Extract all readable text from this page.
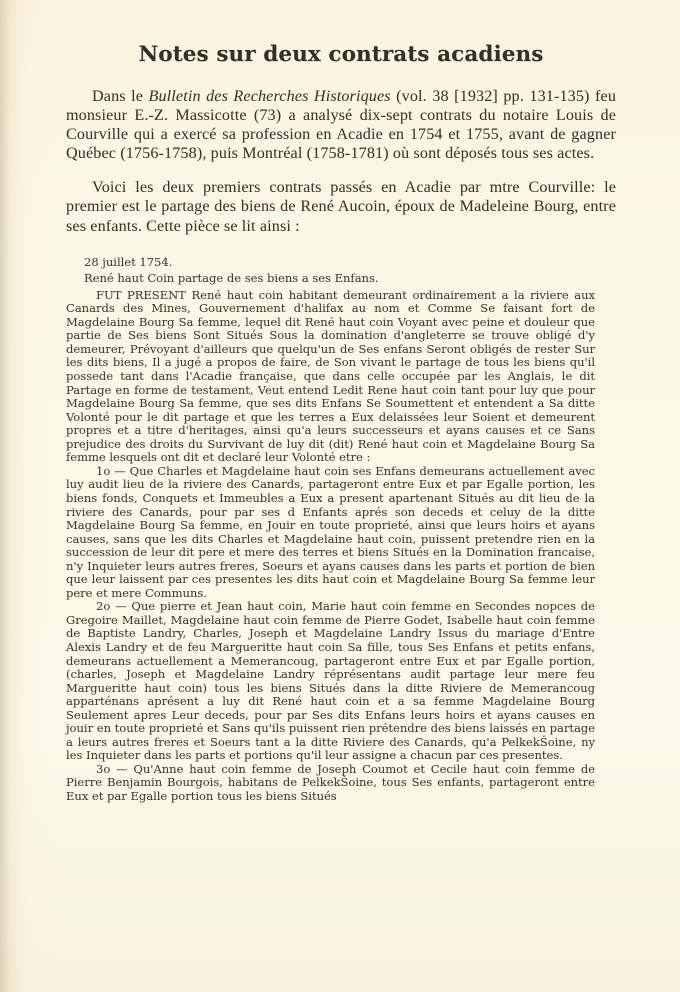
Notes sur deux contrats acadiens

Dans le Bulletin des Recherches Historiques (vol. 38 [1932] pp. 131-135) feu monsieur E.-Z. Massicotte (73) a analysé dix-sept contrats du notaire Louis de Courville qui a exercé sa profession en Acadie en 1754 et 1755, avant de gagner Québec (1756-1758), puis Montréal (1758-1781) où sont déposés tous ses actes.

Voici les deux premiers contrats passés en Acadie par mtre Courville: le premier est le partage des biens de René Aucoin, époux de Madeleine Bourg, entre ses enfants. Cette pièce se lit ainsi :

28 juillet 1754.

René haut Coin partage de ses biens a ses Enfans.

FUT PRESENT René haut coin habitant demeurant ordinairement a la riviere aux Canards des Mines, Gouvernement d'halifax au nom et Comme Se faisant fort de Magdelaine Bourg Sa femme, lequel dit René haut coin Voyant avec peine et douleur que partie de Ses biens Sont Situés Sous la domination d'angleterre se trouve obligé d'y demeurer, Prévoyant d'ailleurs que quelqu'un de Ses enfans Seront obligés de rester Sur les dits biens, Il a jugé a propos de faire, de Son vivant le partage de tous les biens qu'il possede tant dans l'Acadie française, que dans celle occupée par les Anglais, le dit Partage en forme de testament, Veut entend Ledit Rene haut coin tant pour luy que pour Magdelaine Bourg Sa femme, que ses dits Enfans Se Soumettent et entendent a Sa ditte Volonté pour le dit partage et que les terres a Eux delaissées leur Soient et demeurent propres et a titre d'heritages, ainsi qu'a leurs successeurs et ayans causes et ce Sans prejudice des droits du Survivant de luy dit (dit) René haut coin et Magdelaine Bourg Sa femme lesquels ont dit et declaré leur Volonté etre :

1o — Que Charles et Magdelaine haut coin ses Enfans demeurans actuellement avec luy audit lieu de la riviere des Canards, partageront entre Eux et par Egalle portion, les biens fonds, Conquets et Immeubles a Eux a present apartenant Situés au dit lieu de la riviere des Canards, pour par ses d Enfants aprés son deceds et celuy de la ditte Magdelaine Bourg Sa femme, en Jouir en toute proprieté, ainsi que leurs hoirs et ayans causes, sans que les dits Charles et Magdelaine haut coin, puissent pretendre rien en la succession de leur dit pere et mere des terres et biens Situés en la Domination francaise, n'y Inquieter leurs autres freres, Soeurs et ayans causes dans les parts et portion de bien que leur laissent par ces presentes les dits haut coin et Magdelaine Bourg Sa femme leur pere et mere Communs.

2o — Que pierre et Jean haut coin, Marie haut coin femme en Secondes nopces de Gregoire Maillet, Magdelaine haut coin femme de Pierre Godet, Isabelle haut coin femme de Baptiste Landry, Charles, Joseph et Magdelaine Landry Issus du mariage d'Entre Alexis Landry et de feu Margueritte haut coin Sa fille, tous Ses Enfans et petits enfans, demeurans actuellement a Memerancoug, partageront entre Eux et par Egalle portion, (charles, Joseph et Magdelaine Landry réprésentans audit partage leur mere feu Margueritte haut coin) tous les biens Situés dans la ditte Riviere de Memerancoug apparténans aprésent a luy dit René haut coin et a sa femme Magdelaine Bourg Seulement apres Leur deceds, pour par Ses dits Enfans leurs hoirs et ayans causes en jouir en toute proprieté et Sans qu'ils puissent rien prétendre des biens laissés en partage a leurs autres freres et Soeurs tant a la ditte Riviere des Canards, qu'a PelkekŠoine, ny les Inquieter dans les parts et portions qu'il leur assigne a chacun par ces presentes.

3o — Qu'Anne haut coin femme de Joseph Coumot et Cecile haut coin femme de Pierre Benjamin Bourgois, habitans de PelkekŠoine, tous Ses enfants, partageront entre Eux et par Egalle portion tous les biens Situés
